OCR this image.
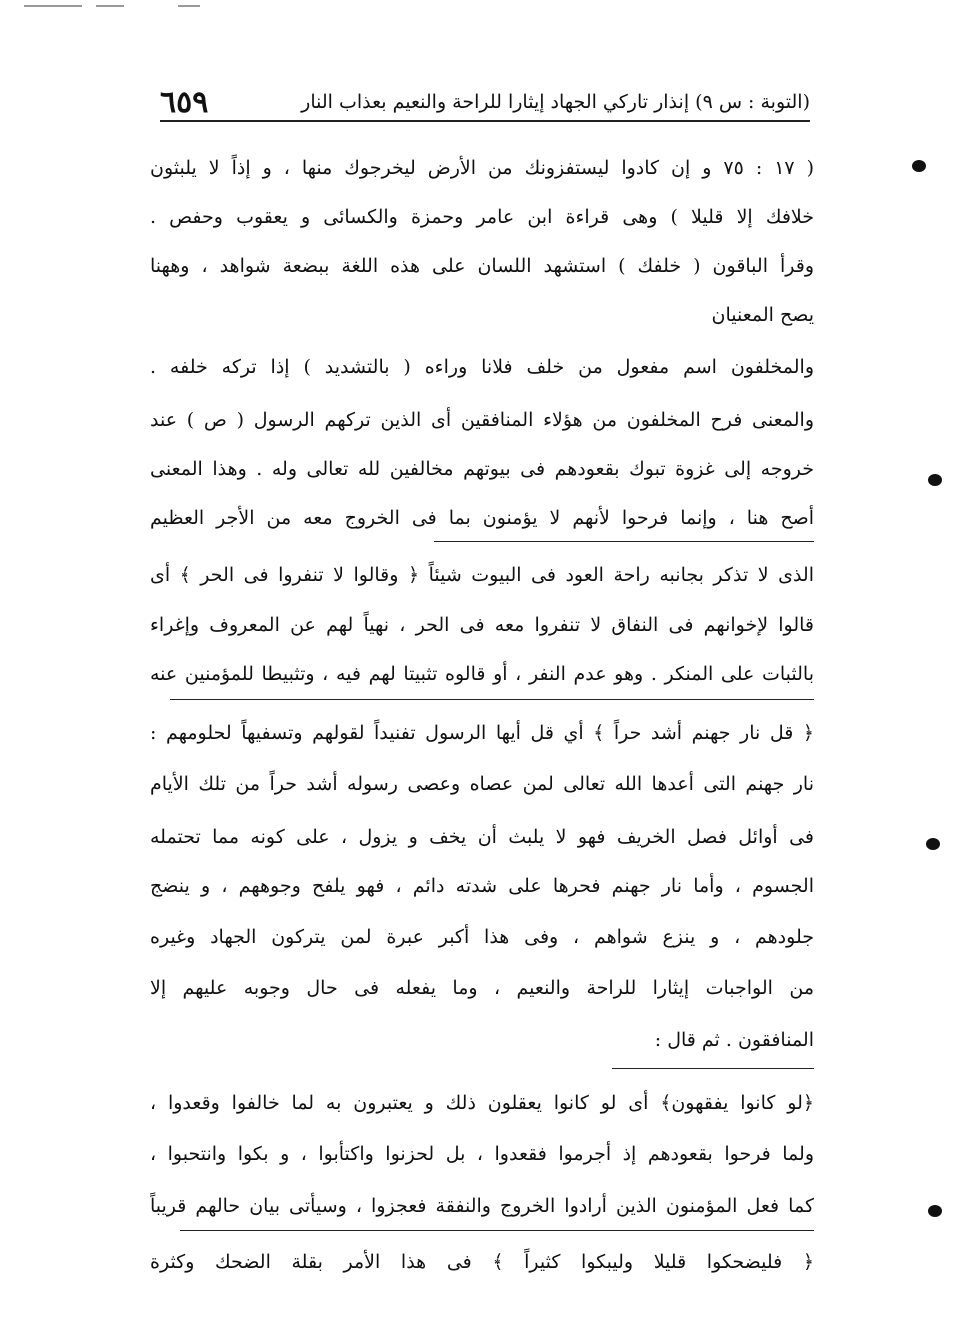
(التوبة : س ٩) إنذار تاركي الجهاد إيثارا للراحة والنعيم بعذاب النار
٦٥٩
( ١٧ : ٧٥ و إن كادوا ليستفزونك من الأرض ليخرجوك منها ، و إذاً لا يلبثون
خلافك إلا قليلا ) وهى قراءة ابن عامر وحمزة والكسائى و يعقوب وحفص .
وقرأ الباقون ( خلفك ) استشهد اللسان على هذه اللغة ببضعة شواهد ، وههنا
يصح المعنيان
والمخلفون اسم مفعول من خلف فلانا وراءه ( بالتشديد ) إذا تركه خلفه .
والمعنى فرح المخلفون من هؤلاء المنافقين أى الذين تركهم الرسول ( ص ) عند
خروجه إلى غزوة تبوك بقعودهم فى بيوتهم مخالفين لله تعالى وله . وهذا المعنى
أصح هنا ، وإنما فرحوا لأنهم لا يؤمنون بما فى الخروج معه من الأجر العظيم
الذى لا تذكر بجانبه راحة العود فى البيوت شيئاً ﴿ وقالوا لا تنفروا فى الحر ﴾ أى
قالوا لإخوانهم فى النفاق لا تنفروا معه فى الحر ، نهياً لهم عن المعروف وإغراء
بالثبات على المنكر . وهو عدم النفر ، أو قالوه تثبيتا لهم فيه ، وتثبيطا للمؤمنين عنه
﴿ قل نار جهنم أشد حراً ﴾ أي قل أيها الرسول تفنيداً لقولهم وتسفيهاً لحلومهم :
نار جهنم التى أعدها الله تعالى لمن عصاه وعصى رسوله أشد حراً من تلك الأيام
فى أوائل فصل الخريف فهو لا يلبث أن يخف و يزول ، على كونه مما تحتمله
الجسوم ، وأما نار جهنم فحرها على شدته دائم ، فهو يلفح وجوههم ، و ينضج
جلودهم ، و ينزع شواهم ، وفى هذا أكبر عبرة لمن يتركون الجهاد وغيره
من الواجبات إيثارا للراحة والنعيم ، وما يفعله فى حال وجوبه عليهم إلا
المنافقون . ثم قال :
﴿لو كانوا يفقهون﴾ أى لو كانوا يعقلون ذلك و يعتبرون به لما خالفوا وقعدوا ،
ولما فرحوا بقعودهم إذ أجرموا فقعدوا ، بل لحزنوا واكتأبوا ، و بكوا وانتحبوا ،
كما فعل المؤمنون الذين أرادوا الخروج والنفقة فعجزوا ، وسيأتى بيان حالهم قريباً
﴿ فليضحكوا قليلا وليبكوا كثيراً ﴾ فى هذا الأمر بقلة الضحك وكثرة
